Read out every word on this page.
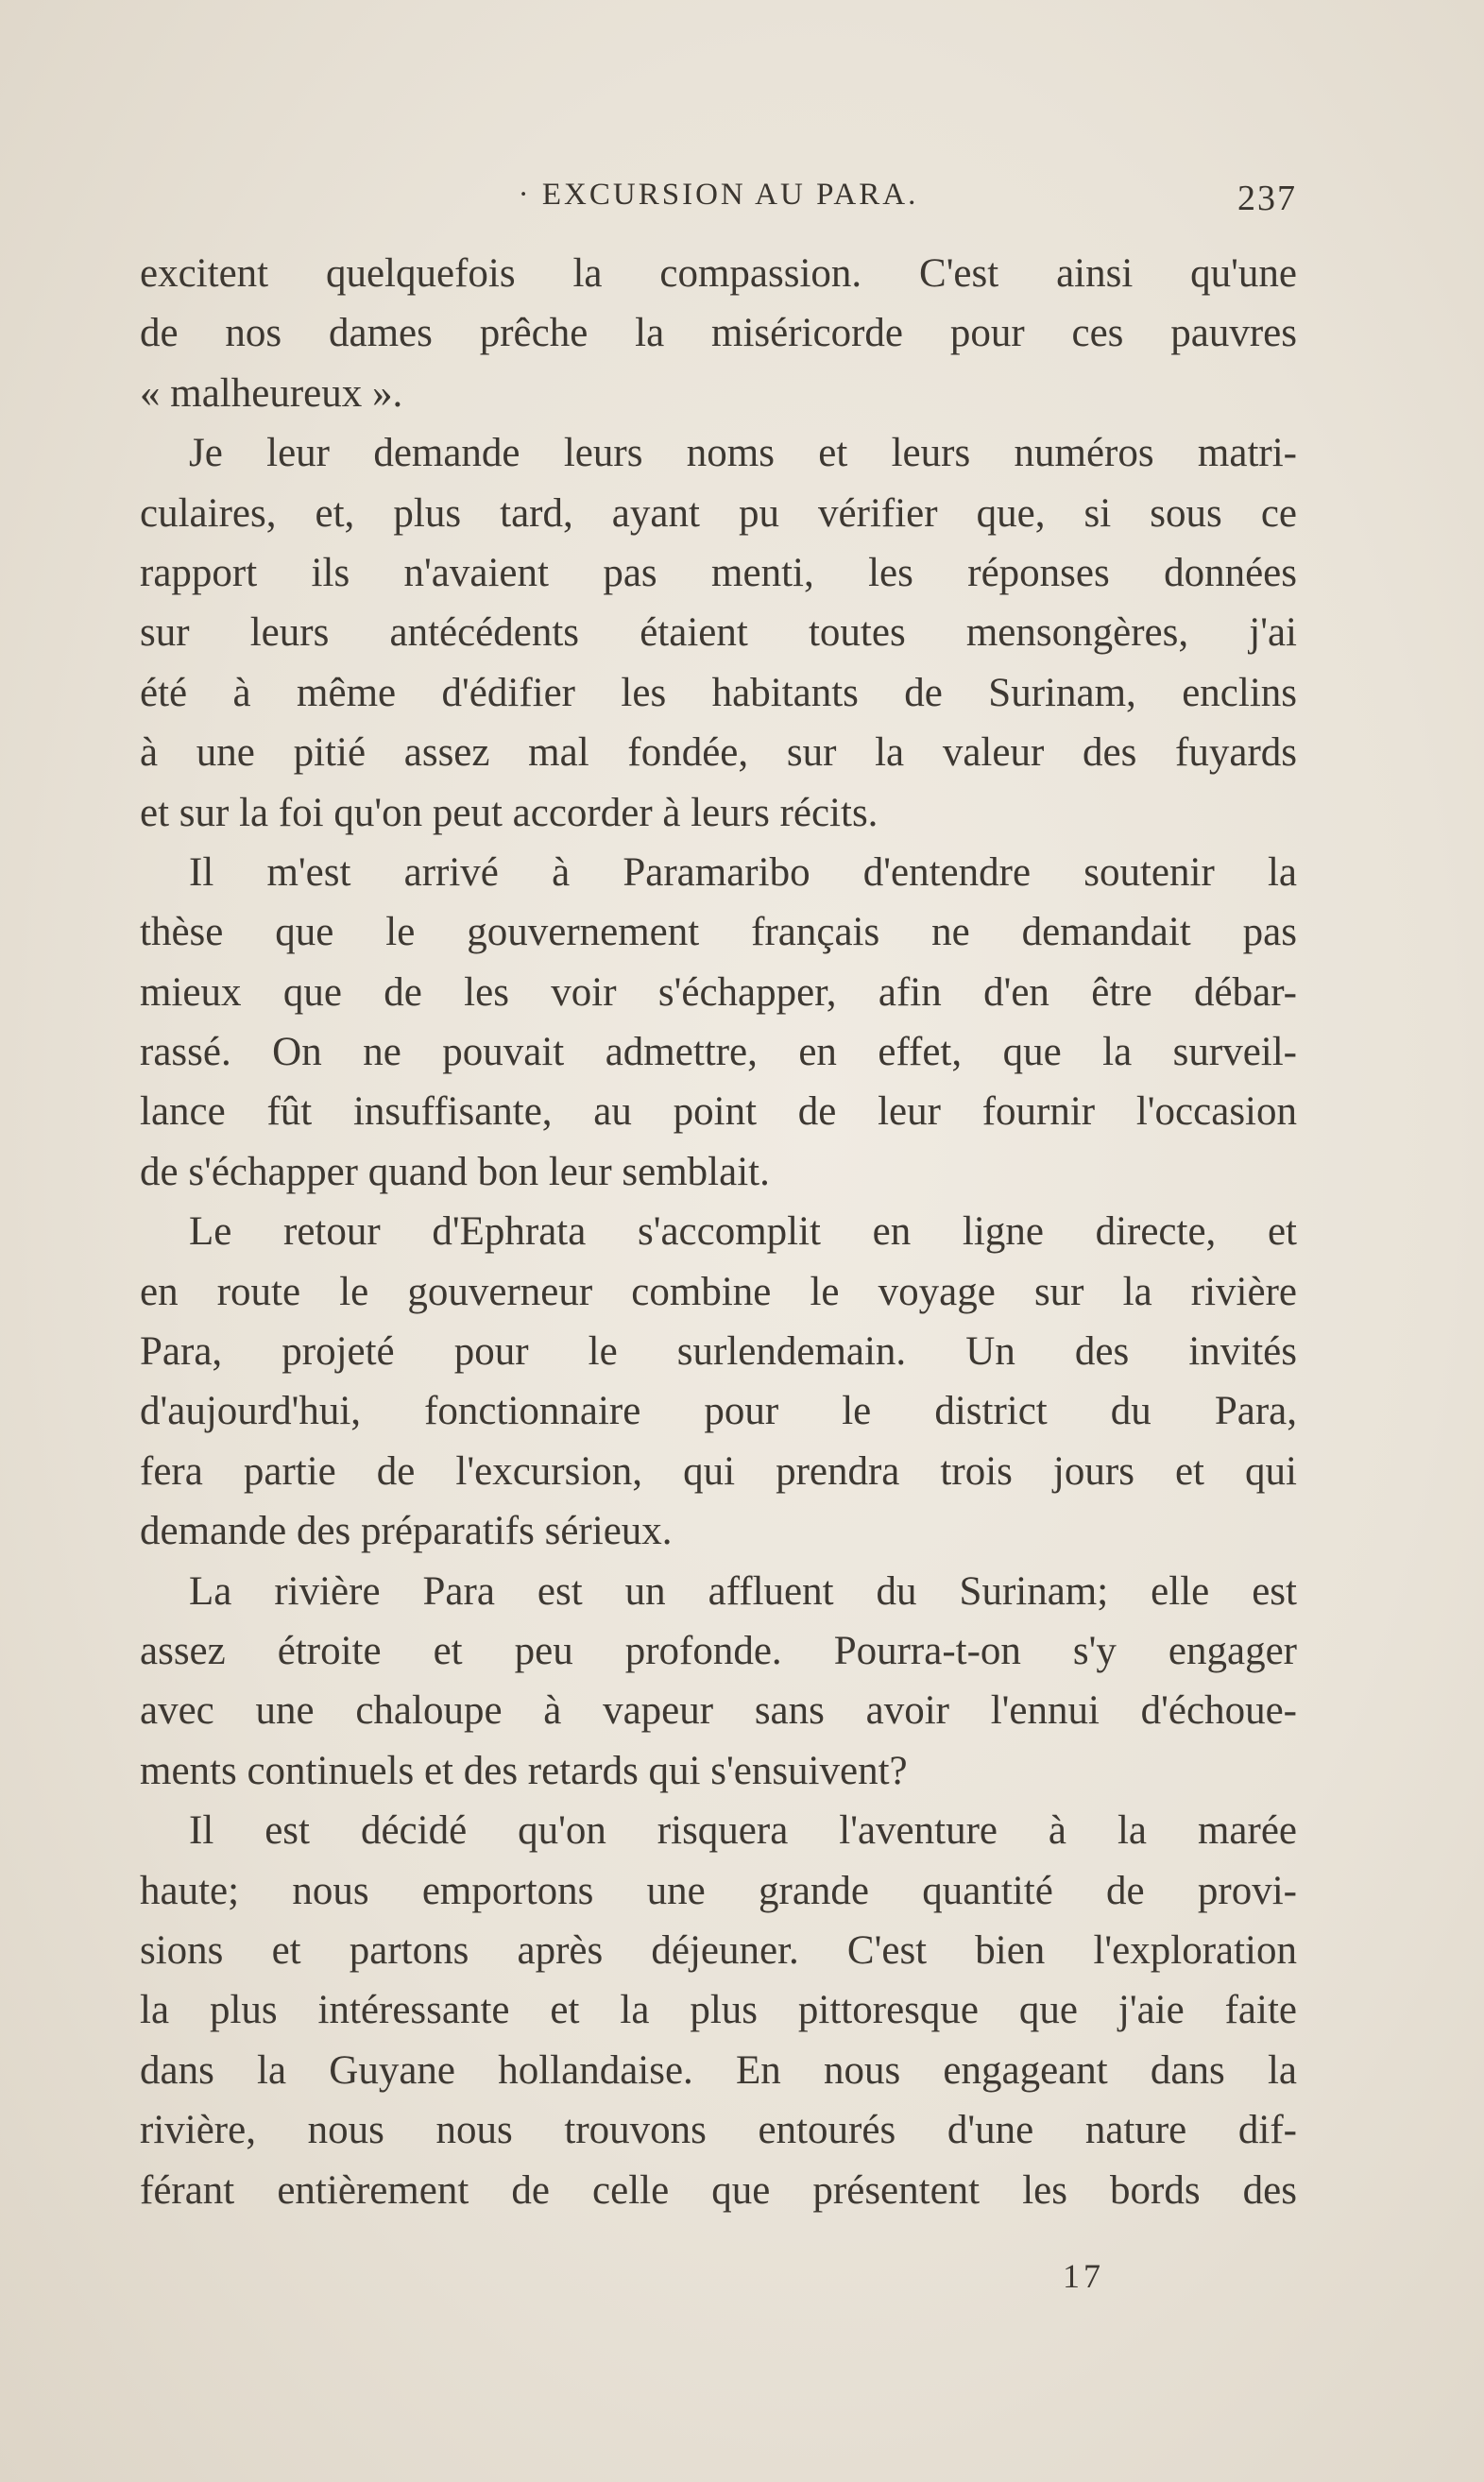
· EXCURSION AU PARA.	237
excitent quelquefois la compassion. C'est ainsi qu'une
de nos dames prêche la miséricorde pour ces pauvres
« malheureux ».
Je leur demande leurs noms et leurs numéros matri-
culaires, et, plus tard, ayant pu vérifier que, si sous ce
rapport ils n'avaient pas menti, les réponses données
sur leurs antécédents étaient toutes mensongères, j'ai
été à même d'édifier les habitants de Surinam, enclins
à une pitié assez mal fondée, sur la valeur des fuyards
et sur la foi qu'on peut accorder à leurs récits.
Il m'est arrivé à Paramaribo d'entendre soutenir la
thèse que le gouvernement français ne demandait pas
mieux que de les voir s'échapper, afin d'en être débar-
rassé. On ne pouvait admettre, en effet, que la surveil-
lance fût insuffisante, au point de leur fournir l'occasion
de s'échapper quand bon leur semblait.
Le retour d'Ephrata s'accomplit en ligne directe, et
en route le gouverneur combine le voyage sur la rivière
Para, projeté pour le surlendemain. Un des invités
d'aujourd'hui, fonctionnaire pour le district du Para,
fera partie de l'excursion, qui prendra trois jours et qui
demande des préparatifs sérieux.
La rivière Para est un affluent du Surinam; elle est
assez étroite et peu profonde. Pourra-t-on s'y engager
avec une chaloupe à vapeur sans avoir l'ennui d'échoue-
ments continuels et des retards qui s'ensuivent?
Il est décidé qu'on risquera l'aventure à la marée
haute; nous emportons une grande quantité de provi-
sions et partons après déjeuner. C'est bien l'exploration
la plus intéressante et la plus pittoresque que j'aie faite
dans la Guyane hollandaise. En nous engageant dans la
rivière, nous nous trouvons entourés d'une nature dif-
férant entièrement de celle que présentent les bords des
17
